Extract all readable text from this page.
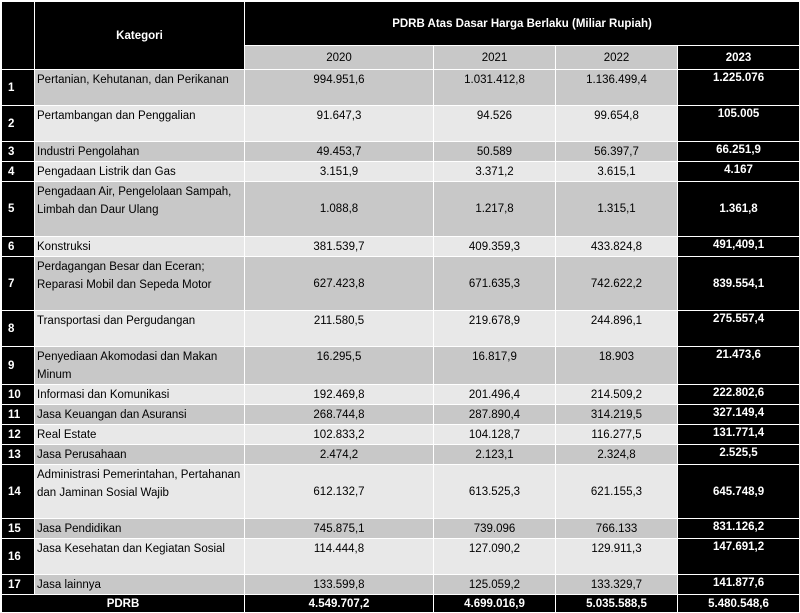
	Kategori	PDRB Atas Dasar Harga Berlaku (Miliar Rupiah)			
		2020	2021	2022	2023
1	Pertanian, Kehutanan, dan Perikanan	994.951,6	1.031.412,8	1.136.499,4	1.225.076
2	Pertambangan dan Penggalian	91.647,3	94.526	99.654,8	105.005
3	Industri Pengolahan	49.453,7	50.589	56.397,7	66.251,9
4	Pengadaan Listrik dan Gas	3.151,9	3.371,2	3.615,1	4.167
5	Pengadaan Air, Pengelolaan Sampah, Limbah dan Daur Ulang	1.088,8	1.217,8	1.315,1	1.361,8
6	Konstruksi	381.539,7	409.359,3	433.824,8	491,409,1
7	Perdagangan Besar dan Eceran; Reparasi Mobil dan Sepeda Motor	627.423,8	671.635,3	742.622,2	839.554,1
8	Transportasi dan Pergudangan	211.580,5	219.678,9	244.896,1	275.557,4
9	Penyediaan Akomodasi dan Makan Minum	16.295,5	16.817,9	18.903	21.473,6
10	Informasi dan Komunikasi	192.469,8	201.496,4	214.509,2	222.802,6
11	Jasa Keuangan dan Asuransi	268.744,8	287.890,4	314.219,5	327.149,4
12	Real Estate	102.833,2	104.128,7	116.277,5	131.771,4
13	Jasa Perusahaan	2.474,2	2.123,1	2.324,8	2.525,5
14	Administrasi Pemerintahan, Pertahanan dan Jaminan Sosial Wajib	612.132,7	613.525,3	621.155,3	645.748,9
15	Jasa Pendidikan	745.875,1	739.096	766.133	831.126,2
16	Jasa Kesehatan dan Kegiatan Sosial	114.444,8	127.090,2	129.911,3	147.691,2
17	Jasa lainnya	133.599,8	125.059,2	133.329,7	141.877,6
PDRB		4.549.707,2	4.699.016,9	5.035.588,5	5.480.548,6
